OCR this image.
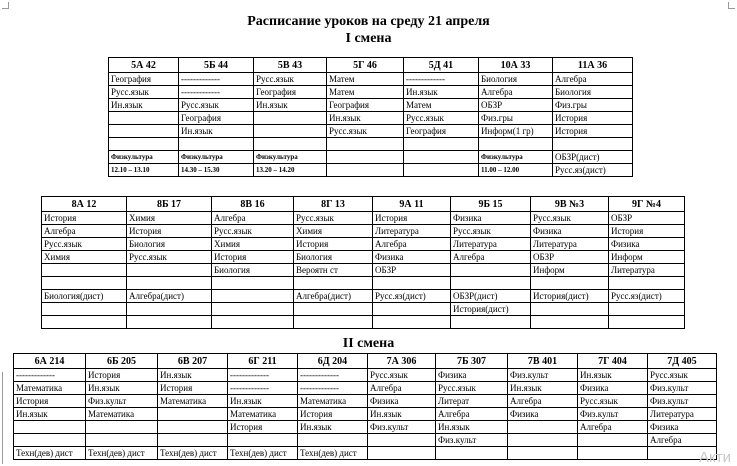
Расписание уроков на среду 21 апреля
I смена
5А 42	5Б 44	5В 43	5Г 46	5Д 41	10А 33	11А 36
География	-------------	Русс.язык	Матем	-------------	Биология	Алгебра
Русс.язык	-------------	География	Матем	Ин.язык	Алгебра	Биология
Ин.язык	Русс.язык	Ин.язык	География	Матем	ОБЗР	Физ.гры
	География		Ин.язык	Русс.язык	Физ.гры	История
	Ин.язык		Русс.язык	География	Информ(1 гр)	История

Физкультура	Физкультура	Физкультура			Физкультура	ОБЗР(дист)
12.10 – 13.10	14.30 – 15.30	13.20 – 14.20			11.00 – 12.00	Русс.яз(дист)
8А 12	8Б 17	8В 16	8Г 13	9А 11	9Б 15	9В №3	9Г №4
История	Химия	Алгебра	Русс.язык	История	Физика	Русс.язык	ОБЗР
Алгебра	История	Русс.язык	Химия	Литература	Русс.язык	Физика	История
Русс.язык	Биология	Химия	История	Алгебра	Литература	Литература	Физика
Химия	Русс.язык	История	Биология	Физика	Алгебра	ОБЗР	Информ
		Биология	Вероятн ст	ОБЗР		Информ	Литература

Биология(дист)	Алгебра(дист)		Алгебра(дист)	Русс.яз(дист)	ОБЗР(дист)	История(дист)	Русс.яз(дист)
					История(дист)		

II смена
6А 214	6Б 205	6В 207	6Г 211	6Д 204	7А 306	7Б 307	7В 401	7Г 404	7Д 405
-------------	История	Ин.язык	-------------	-------------	Русс.язык	Физика	Физ.культ	Ин.язык	Русс.язык
Математика	Ин.язык	История	-------------	-------------	Алгебра	Русс.язык	Ин.язык	Физика	Физ.культ
История	Физ.культ	Математика	Ин.язык	Математика	Физика	Литерат	Алгебра	Русс.язык	Физ.культ
Ин.язык	Математика		Математика	История	Ин.язык	Алгебра	Физика	Физ.культ	Литература
			История	Ин.язык	Физ.культ	Ин.язык		Алгебра	Физика
						Физ.культ			Алгебра
Техн(дев) дист	Техн(дев) дист	Техн(дев) дист	Техн(дев) дист	Техн(дев) дист						Акти
